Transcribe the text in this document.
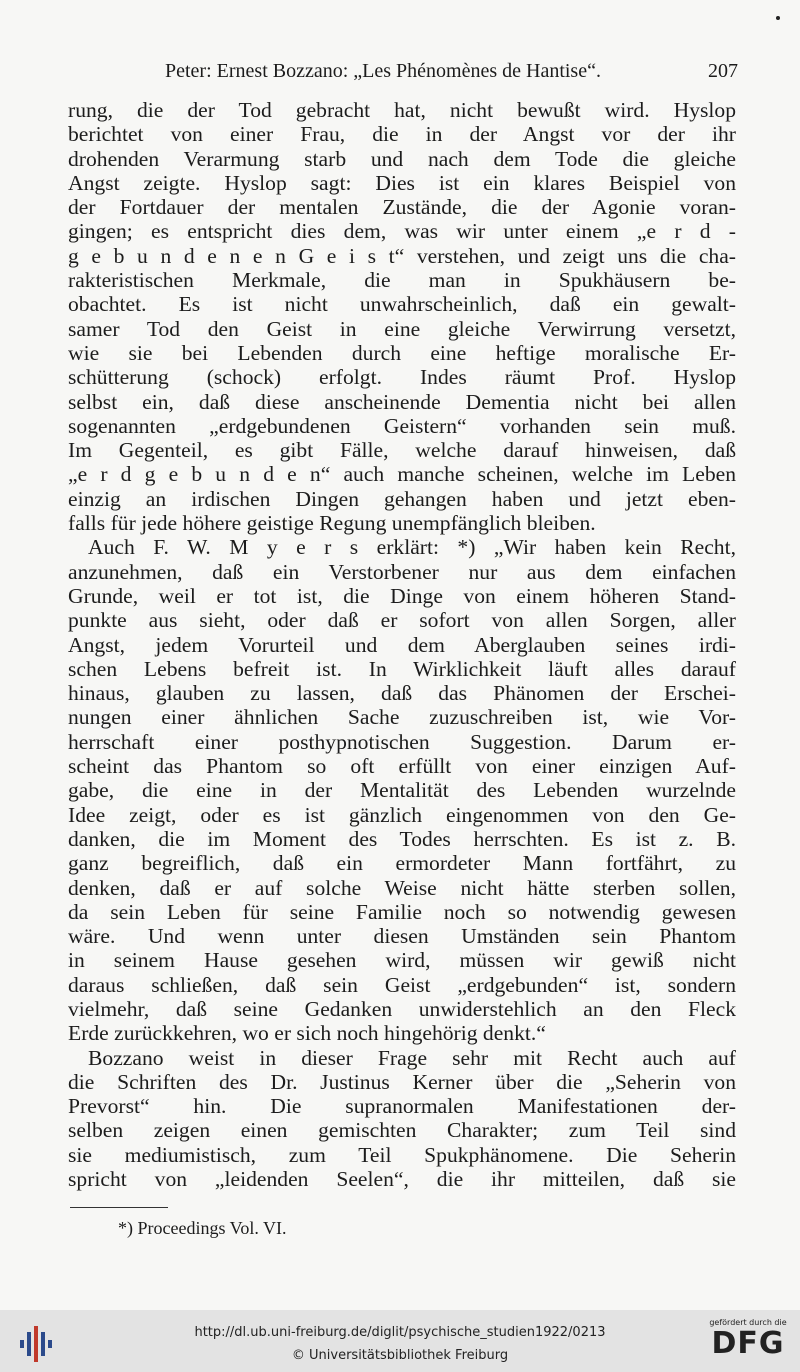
Peter: Ernest Bozzano: „Les Phénomènes de Hantise“.	207
rung, die der Tod gebracht hat, nicht bewußt wird. Hyslop
berichtet von einer Frau, die in der Angst vor der ihr
drohenden Verarmung starb und nach dem Tode die gleiche
Angst zeigte. Hyslop sagt: Dies ist ein klares Beispiel von
der Fortdauer der mentalen Zustände, die der Agonie voran-
gingen; es entspricht dies dem, was wir unter einem „e r d -
g e b u n d e n e n G e i s t“ verstehen, und zeigt uns die cha-
rakteristischen Merkmale, die man in Spukhäusern be-
obachtet. Es ist nicht unwahrscheinlich, daß ein gewalt-
samer Tod den Geist in eine gleiche Verwirrung versetzt,
wie sie bei Lebenden durch eine heftige moralische Er-
schütterung (schock) erfolgt. Indes räumt Prof. Hyslop
selbst ein, daß diese anscheinende Dementia nicht bei allen
sogenannten „erdgebundenen Geistern“ vorhanden sein muß.
Im Gegenteil, es gibt Fälle, welche darauf hinweisen, daß
„e r d g e b u n d e n“ auch manche scheinen, welche im Leben
einzig an irdischen Dingen gehangen haben und jetzt eben-
falls für jede höhere geistige Regung unempfänglich bleiben.
Auch F. W. M y e r s erklärt: *) „Wir haben kein Recht,
anzunehmen, daß ein Verstorbener nur aus dem einfachen
Grunde, weil er tot ist, die Dinge von einem höheren Stand-
punkte aus sieht, oder daß er sofort von allen Sorgen, aller
Angst, jedem Vorurteil und dem Aberglauben seines irdi-
schen Lebens befreit ist. In Wirklichkeit läuft alles darauf
hinaus, glauben zu lassen, daß das Phänomen der Erschei-
nungen einer ähnlichen Sache zuzuschreiben ist, wie Vor-
herrschaft einer posthypnotischen Suggestion. Darum er-
scheint das Phantom so oft erfüllt von einer einzigen Auf-
gabe, die eine in der Mentalität des Lebenden wurzelnde
Idee zeigt, oder es ist gänzlich eingenommen von den Ge-
danken, die im Moment des Todes herrschten. Es ist z. B.
ganz begreiflich, daß ein ermordeter Mann fortfährt, zu
denken, daß er auf solche Weise nicht hätte sterben sollen,
da sein Leben für seine Familie noch so notwendig gewesen
wäre. Und wenn unter diesen Umständen sein Phantom
in seinem Hause gesehen wird, müssen wir gewiß nicht
daraus schließen, daß sein Geist „erdgebunden“ ist, sondern
vielmehr, daß seine Gedanken unwiderstehlich an den Fleck
Erde zurückkehren, wo er sich noch hingehörig denkt.“
Bozzano weist in dieser Frage sehr mit Recht auch auf
die Schriften des Dr. Justinus Kerner über die „Seherin von
Prevorst“ hin. Die supranormalen Manifestationen der-
selben zeigen einen gemischten Charakter; zum Teil sind
sie mediumistisch, zum Teil Spukphänomene. Die Seherin
spricht von „leidenden Seelen“, die ihr mitteilen, daß sie
*) Proceedings Vol. VI.
http://dl.ub.uni-freiburg.de/diglit/psychische_studien1922/0213
© Universitätsbibliothek Freiburg
gefördert durch die
DFG
